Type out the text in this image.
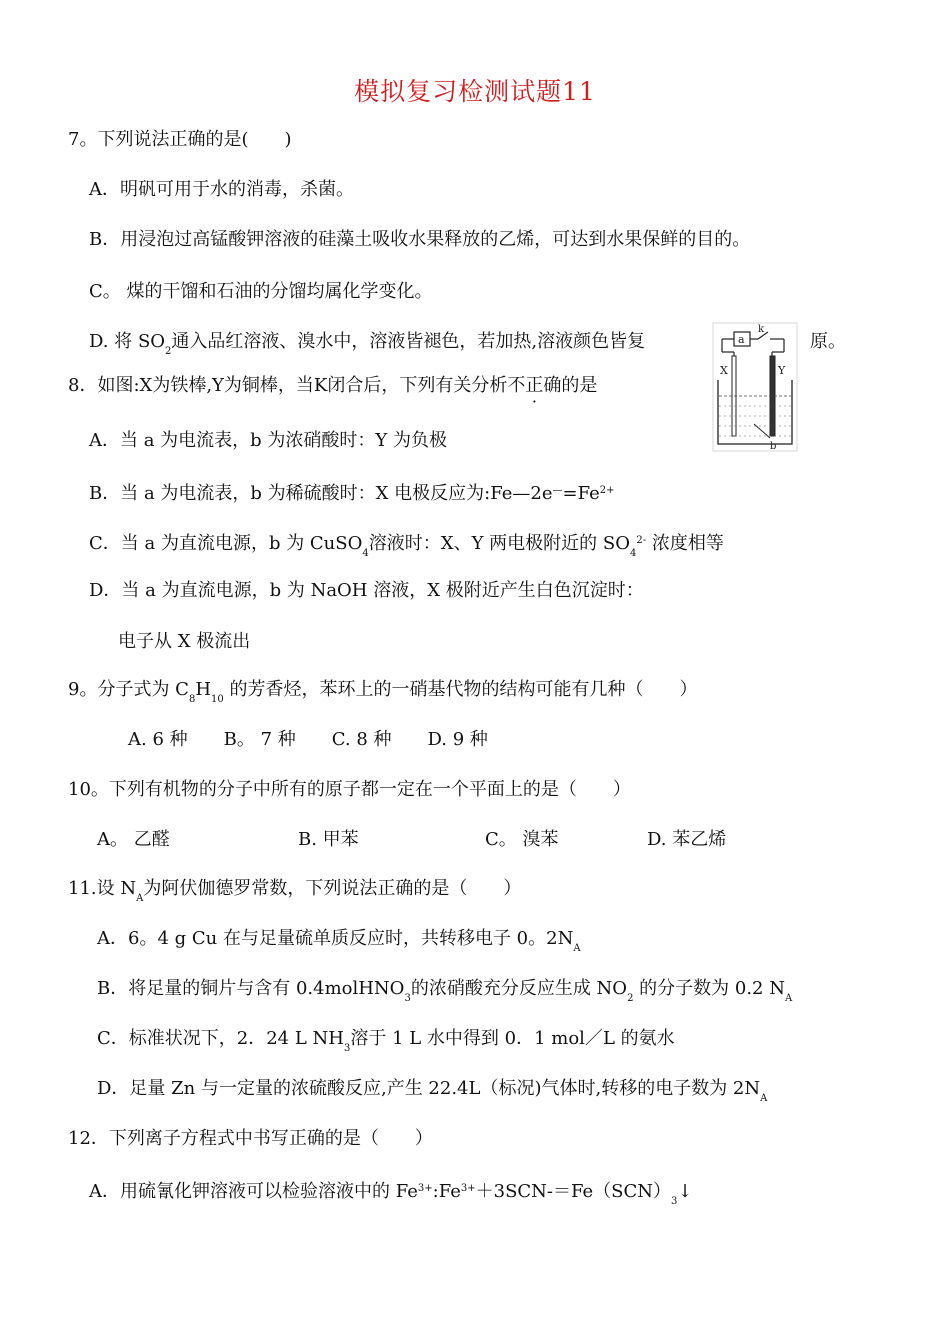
模拟复习检测试题11
7。下列说法正确的是(　　)
A．明矾可用于水的消毒，杀菌。
B．用浸泡过高锰酸钾溶液的硅藻土吸收水果释放的乙烯，可达到水果保鲜的目的。
C。 煤的干馏和石油的分馏均属化学变化。
D. 将 $SO_2$通入品红溶液、溴水中，溶液皆褪色，若加热,溶液颜色皆复	原。
a
k
X	Y
b
8．如图:X为铁棒,Y为铜棒，当K闭合后，下列有关分析不正确的是
A．当 a 为电流表，b 为浓硝酸时：Y 为负极
B．当 a 为电流表，b 为稀硫酸时：X 电极反应为$:Fe—2e^—=Fe^{2+}$
C．当 a 为直流电源，b 为 CuSO$_4$溶液时：X、Y 两电极附近的 $SO_4^{2-}$ 浓度相等
D．当 a 为直流电源，b 为 NaOH 溶液，X 极附近产生白色沉淀时：
电子从 X 极流出
9。分子式为 $C_8H_{10}$ 的芳香烃，苯环上的一硝基代物的结构可能有几种（　　）
A. 6 种　　B。 7 种　　C. 8 种　　D. 9 种
10。下列有机物的分子中所有的原子都一定在一个平面上的是（　　）
A。 乙醛	B. 甲苯	C。 溴苯	D. 苯乙烯
11.设 $N_A$为阿伏伽德罗常数，下列说法正确的是（　　）
A．6。4 g Cu 在与足量硫单质反应时，共转移电子 0。$2N_A$
B．将足量的铜片与含有 0.4molHNO$_3$的浓硝酸充分反应生成 $NO_2$ 的分子数为 0.2 $N_A$
C．标准状况下，2．24 L $NH_3$溶于 1 L 水中得到 0．1 mol／L 的氨水
D．足量 Zn 与一定量的浓硫酸反应,产生 22.4L（标况)气体时,转移的电子数为 $2N_A$
12．下列离子方程式中书写正确的是（　　）
A．用硫氰化钾溶液可以检验溶液中的 $Fe^{3+}:Fe^{3+}+3SCN-=Fe(SCN)_3↓$
